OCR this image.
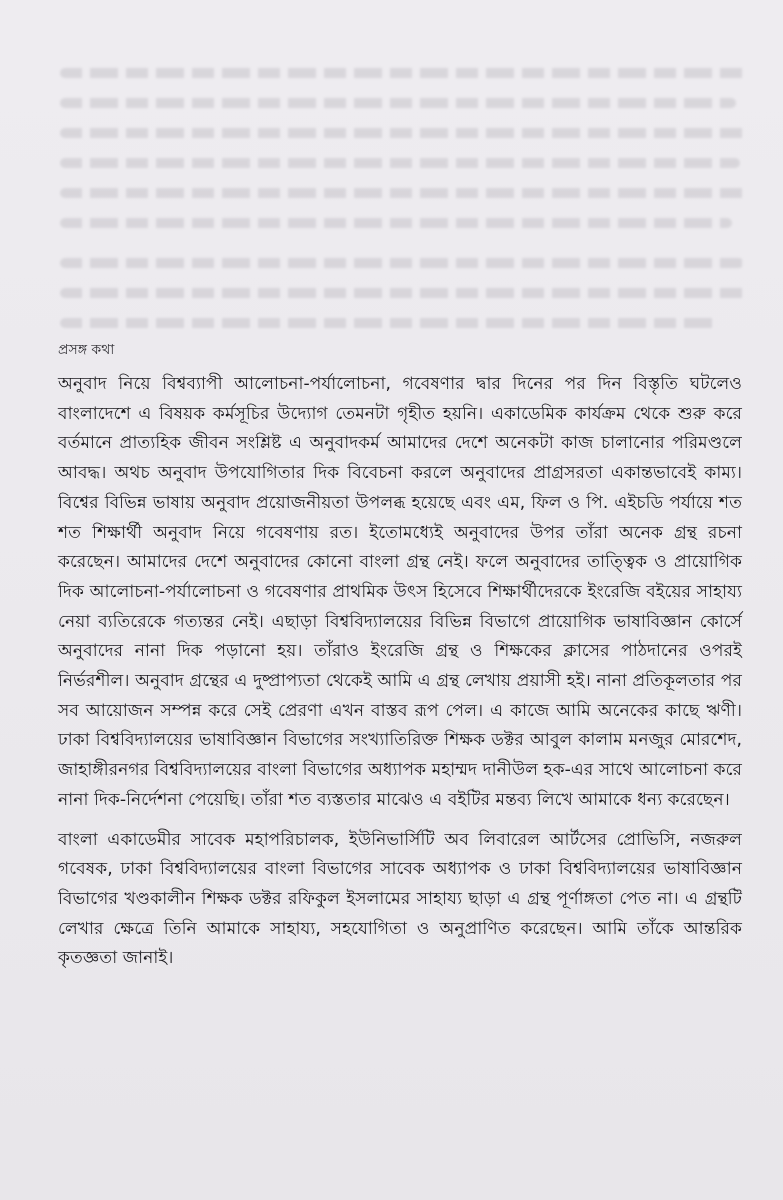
প্রসঙ্গ কথা

অনুবাদ নিয়ে বিশ্বব্যাপী আলোচনা-পর্যালোচনা, গবেষণার দ্বার দিনের পর দিন বিস্তৃতি ঘটলেও বাংলাদেশে এ বিষয়ক কর্মসূচির উদ্যোগ তেমনটা গৃহীত হয়নি। একাডেমিক কার্যক্রম থেকে শুরু করে বর্তমানে প্রাত্যহিক জীবন সংশ্লিষ্ট এ অনুবাদকর্ম আমাদের দেশে অনেকটা কাজ চালানোর পরিমণ্ডলে আবদ্ধ। অথচ অনুবাদ উপযোগিতার দিক বিবেচনা করলে অনুবাদের প্রাগ্রসরতা একান্তভাবেই কাম্য। বিশ্বের বিভিন্ন ভাষায় অনুবাদ প্রয়োজনীয়তা উপলব্ধ হয়েছে এবং এম, ফিল ও পি. এইচডি পর্যায়ে শত শত শিক্ষার্থী অনুবাদ নিয়ে গবেষণায় রত। ইতোমধ্যেই অনুবাদের উপর তাঁরা অনেক গ্রন্থ রচনা করেছেন। আমাদের দেশে অনুবাদের কোনো বাংলা গ্রন্থ নেই। ফলে অনুবাদের তাত্ত্বিক ও প্রায়োগিক দিক আলোচনা-পর্যালোচনা ও গবেষণার প্রাথমিক উৎস হিসেবে শিক্ষার্থীদেরকে ইংরেজি বইয়ের সাহায্য নেয়া ব্যতিরেকে গত্যন্তর নেই। এছাড়া বিশ্ববিদ্যালয়ের বিভিন্ন বিভাগে প্রায়োগিক ভাষাবিজ্ঞান কোর্সে অনুবাদের নানা দিক পড়ানো হয়। তাঁরাও ইংরেজি গ্রন্থ ও শিক্ষকের ক্লাসের পাঠদানের ওপরই নির্ভরশীল। অনুবাদ গ্রন্থের এ দুষ্প্রাপ্যতা থেকেই আমি এ গ্রন্থ লেখায় প্রয়াসী হই। নানা প্রতিকূলতার পর সব আয়োজন সম্পন্ন করে সেই প্রেরণা এখন বাস্তব রূপ পেল। এ কাজে আমি অনেকের কাছে ঋণী। ঢাকা বিশ্ববিদ্যালয়ের ভাষাবিজ্ঞান বিভাগের সংখ্যাতিরিক্ত শিক্ষক ডক্টর আবুল কালাম মনজুর মোরশেদ, জাহাঙ্গীরনগর বিশ্ববিদ্যালয়ের বাংলা বিভাগের অধ্যাপক মহাম্মদ দানীউল হক-এর সাথে আলোচনা করে নানা দিক-নির্দেশনা পেয়েছি। তাঁরা শত ব্যস্ততার মাঝেও এ বইটির মন্তব্য লিখে আমাকে ধন্য করেছেন।

বাংলা একাডেমীর সাবেক মহাপরিচালক, ইউনিভার্সিটি অব লিবারেল আর্টসের প্রোভিসি, নজরুল গবেষক, ঢাকা বিশ্ববিদ্যালয়ের বাংলা বিভাগের সাবেক অধ্যাপক ও ঢাকা বিশ্ববিদ্যালয়ের ভাষাবিজ্ঞান বিভাগের খণ্ডকালীন শিক্ষক ডক্টর রফিকুল ইসলামের সাহায্য ছাড়া এ গ্রন্থ পূর্ণাঙ্গতা পেত না। এ গ্রন্থটি লেখার ক্ষেত্রে তিনি আমাকে সাহায্য, সহযোগিতা ও অনুপ্রাণিত করেছেন। আমি তাঁকে আন্তরিক কৃতজ্ঞতা জানাই।
